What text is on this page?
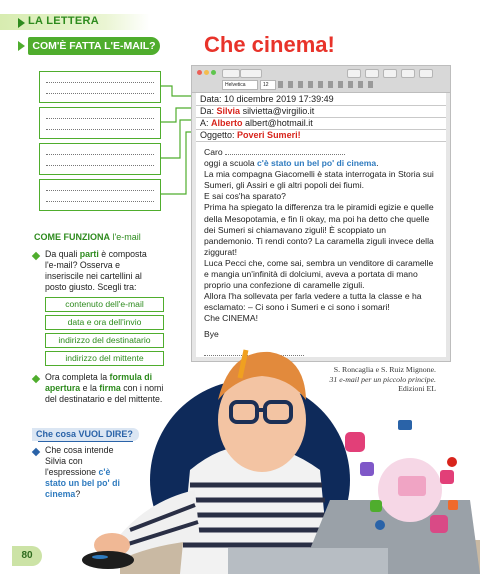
LA LETTERA
COM'È FATTA L'E-MAIL? Che cinema!
Helvetica	12
Data: 10 dicembre 2019 17:39:49
Da: Silvia silvietta@virgilio.it
A: Alberto albert@hotmail.it
Oggetto: Poveri Sumeri!

Caro

oggi a scuola c'è stato un bel po' di cinema.

La mia compagna Giacomelli è stata interrogata in Storia sui Sumeri, gli Assiri e gli altri popoli dei fiumi.

E sai cos'ha sparato?

Prima ha spiegato la differenza tra le piramidi egizie e quelle della Mesopotamia, e fin lì okay, ma poi ha detto che quelle dei Sumeri si chiamavano ziguli! È scoppiato un pandemonio. Ti rendi conto? La caramella ziguli invece della ziggurat!

Luca Pecci che, come sai, sembra un venditore di caramelle e mangia un'infinità di dolciumi, aveva a portata di mano proprio una confezione di caramelle ziguli.

Allora l'ha sollevata per farla vedere a tutta la classe e ha esclamato: – Ci sono i Sumeri e ci sono i somari!

Che CINEMA!

Bye

COME FUNZIONA l'e-mail
Da quali parti è composta l'e-mail? Osserva e inseriscile nei cartellini al posto giusto. Scegli tra:
contenuto dell'e-mail
data e ora dell'invio
indirizzo del destinatario
indirizzo del mittente
Ora completa la formula di apertura e la firma con i nomi del destinatario e del mittente.
Che cosa VUOL DIRE?
Che cosa intende Silvia con l'espressione c'è stato un bel po' di cinema?
S. Roncaglia e S. Ruiz Mignone.
31 e-mail per un piccolo principe.
Edizioni EL
80
